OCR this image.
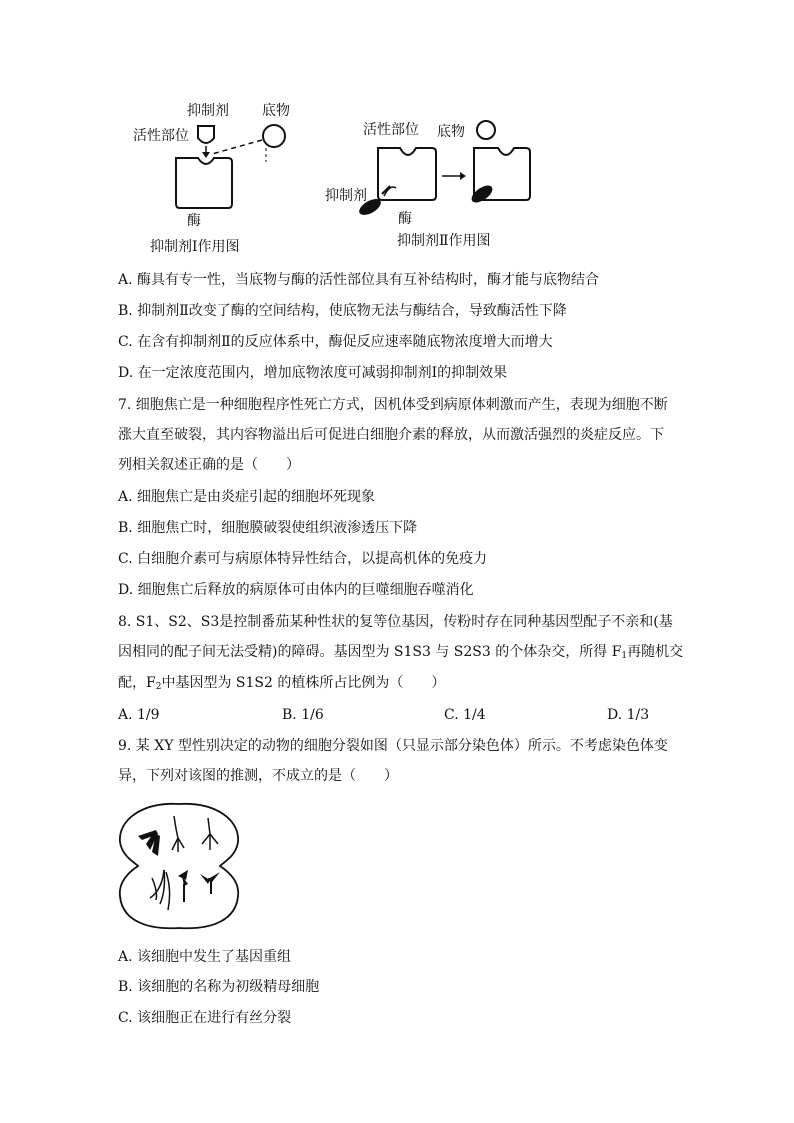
抑制剂 底物
活性部位
酶
抑制剂Ⅰ作用图
活性部位 底物
抑制剂
酶
抑制剂Ⅱ作用图
A. 酶具有专一性，当底物与酶的活性部位具有互补结构时，酶才能与底物结合
B. 抑制剂Ⅱ改变了酶的空间结构，使底物无法与酶结合，导致酶活性下降
C. 在含有抑制剂Ⅱ的反应体系中，酶促反应速率随底物浓度增大而增大
D. 在一定浓度范围内，增加底物浓度可减弱抑制剂Ⅰ的抑制效果
7. 细胞焦亡是一种细胞程序性死亡方式，因机体受到病原体刺激而产生，表现为细胞不断
涨大直至破裂，其内容物溢出后可促进白细胞介素的释放，从而激活强烈的炎症反应。下
列相关叙述正确的是（　　）
A. 细胞焦亡是由炎症引起的细胞坏死现象
B. 细胞焦亡时，细胞膜破裂使组织液渗透压下降
C. 白细胞介素可与病原体特异性结合，以提高机体的免疫力
D. 细胞焦亡后释放的病原体可由体内的巨噬细胞吞噬消化
8. S1、S2、S3是控制番茄某种性状的复等位基因，传粉时存在同种基因型配子不亲和(基
因相同的配子间无法受精)的障碍。基因型为 S1S3 与 S2S3 的个体杂交，所得 $F_1$再随机交
配，$F_2$中基因型为 S1S2 的植株所占比例为（　　）
A. 1/9	B. 1/6	C. 1/4	D. 1/3
9. 某 XY 型性别决定的动物的细胞分裂如图（只显示部分染色体）所示。不考虑染色体变
异，下列对该图的推测，不成立的是（　　）
A. 该细胞中发生了基因重组
B. 该细胞的名称为初级精母细胞
C. 该细胞正在进行有丝分裂
